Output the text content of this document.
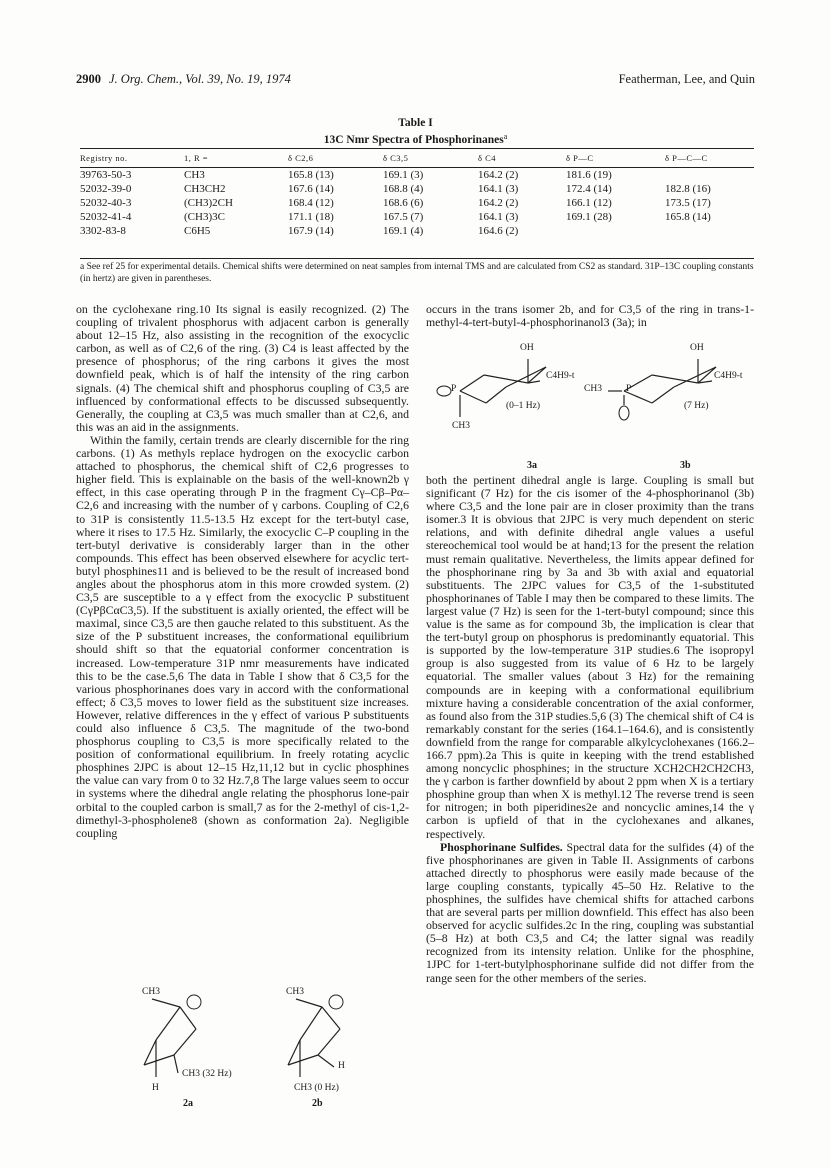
2900 J. Org. Chem., Vol. 39, No. 19, 1974	Featherman, Lee, and Quin
Table I
13C Nmr Spectra of Phosphorinanes$^a$
Registry no.	1, R =	δ C2,6	δ C3,5	δ C4	δ P—C	δ P—C—C
39763-50-3	CH3	165.8 (13)	169.1 (3)	164.2 (2)	181.6 (19)	
52032-39-0	CH3CH2	167.6 (14)	168.8 (4)	164.1 (3)	172.4 (14)	182.8 (16)
52032-40-3	(CH3)2CH	168.4 (12)	168.6 (6)	164.2 (2)	166.1 (12)	173.5 (17)
52032-41-4	(CH3)3C	171.1 (18)	167.5 (7)	164.1 (3)	169.1 (28)	165.8 (14)
3302-83-8	C6H5	167.9 (14)	169.1 (4)	164.6 (2)		
a See ref 25 for experimental details. Chemical shifts were determined on neat samples from internal TMS and are calculated from CS2 as standard. 31P–13C coupling constants (in hertz) are given in parentheses.

on the cyclohexane ring.10 Its signal is easily recognized. (2) The coupling of trivalent phosphorus with adjacent carbon is generally about 12–15 Hz, also assisting in the recognition of the exocyclic carbon, as well as of C2,6 of the ring. (3) C4 is least affected by the presence of phosphorus; of the ring carbons it gives the most downfield peak, which is of half the intensity of the ring carbon signals. (4) The chemical shift and phosphorus coupling of C3,5 are influenced by conformational effects to be discussed subsequently. Generally, the coupling at C3,5 was much smaller than at C2,6, and this was an aid in the assignments.

Within the family, certain trends are clearly discernible for the ring carbons. (1) As methyls replace hydrogen on the exocyclic carbon attached to phosphorus, the chemical shift of C2,6 progresses to higher field. This is explainable on the basis of the well-known2b γ effect, in this case operating through P in the fragment Cγ–Cβ–Pα–C2,6 and increasing with the number of γ carbons. Coupling of C2,6 to 31P is consistently 11.5-13.5 Hz except for the tert-butyl case, where it rises to 17.5 Hz. Similarly, the exocyclic C–P coupling in the tert-butyl derivative is considerably larger than in the other compounds. This effect has been observed elsewhere for acyclic tert-butyl phosphines11 and is believed to be the result of increased bond angles about the phosphorus atom in this more crowded system. (2) C3,5 are susceptible to a γ effect from the exocyclic P substituent (CγPβCαC3,5). If the substituent is axially oriented, the effect will be maximal, since C3,5 are then gauche related to this substituent. As the size of the P substituent increases, the conformational equilibrium should shift so that the equatorial conformer concentration is increased. Low-temperature 31P nmr measurements have indicated this to be the case.5,6 The data in Table I show that δ C3,5 for the various phosphorinanes does vary in accord with the conformational effect; δ C3,5 moves to lower field as the substituent size increases. However, relative differences in the γ effect of various P substituents could also influence δ C3,5. The magnitude of the two-bond phosphorus coupling to C3,5 is more specifically related to the position of conformational equilibrium. In freely rotating acyclic phosphines 2JPC is about 12–15 Hz,11,12 but in cyclic phosphines the value can vary from 0 to 32 Hz.7,8 The large values seem to occur in systems where the dihedral angle relating the phosphorus lone-pair orbital to the coupled carbon is small,7 as for the 2-methyl of cis-1,2-dimethyl-3-phospholene8 (shown as conformation 2a). Negligible coupling

CH3
CH3 (32 Hz)
H
2a
CH3
H
CH3 (0 Hz)
2b

occurs in the trans isomer 2b, and for C3,5 of the ring in trans-1-methyl-4-tert-butyl-4-phosphorinanol3 (3a); in

OH
C4H9-t
P
(0–1 Hz)
CH3
3a
OH
C4H9-t
CH3	P
(7 Hz)
3b

both the pertinent dihedral angle is large. Coupling is small but significant (7 Hz) for the cis isomer of the 4-phosphorinanol (3b) where C3,5 and the lone pair are in closer proximity than the trans isomer.3 It is obvious that 2JPC is very much dependent on steric relations, and with definite dihedral angle values a useful stereochemical tool would be at hand;13 for the present the relation must remain qualitative. Nevertheless, the limits appear defined for the phosphorinane ring by 3a and 3b with axial and equatorial substituents. The 2JPC values for C3,5 of the 1-substituted phosphorinanes of Table I may then be compared to these limits. The largest value (7 Hz) is seen for the 1-tert-butyl compound; since this value is the same as for compound 3b, the implication is clear that the tert-butyl group on phosphorus is predominantly equatorial. This is supported by the low-temperature 31P studies.6 The isopropyl group is also suggested from its value of 6 Hz to be largely equatorial. The smaller values (about 3 Hz) for the remaining compounds are in keeping with a conformational equilibrium mixture having a considerable concentration of the axial conformer, as found also from the 31P studies.5,6 (3) The chemical shift of C4 is remarkably constant for the series (164.1–164.6), and is consistently downfield from the range for comparable alkylcyclohexanes (166.2–166.7 ppm).2a This is quite in keeping with the trend established among noncyclic phosphines; in the structure XCH2CH2CH2CH3, the γ carbon is farther downfield by about 2 ppm when X is a tertiary phosphine group than when X is methyl.12 The reverse trend is seen for nitrogen; in both piperidines2e and noncyclic amines,14 the γ carbon is upfield of that in the cyclohexanes and alkanes, respectively.

Phosphorinane Sulfides. Spectral data for the sulfides (4) of the five phosphorinanes are given in Table II. Assignments of carbons attached directly to phosphorus were easily made because of the large coupling constants, typically 45–50 Hz. Relative to the phosphines, the sulfides have chemical shifts for attached carbons that are several parts per million downfield. This effect has also been observed for acyclic sulfides.2c In the ring, coupling was substantial (5–8 Hz) at both C3,5 and C4; the latter signal was readily recognized from its intensity relation. Unlike for the phosphine, 1JPC for 1-tert-butylphosphorinane sulfide did not differ from the range seen for the other members of the series.
